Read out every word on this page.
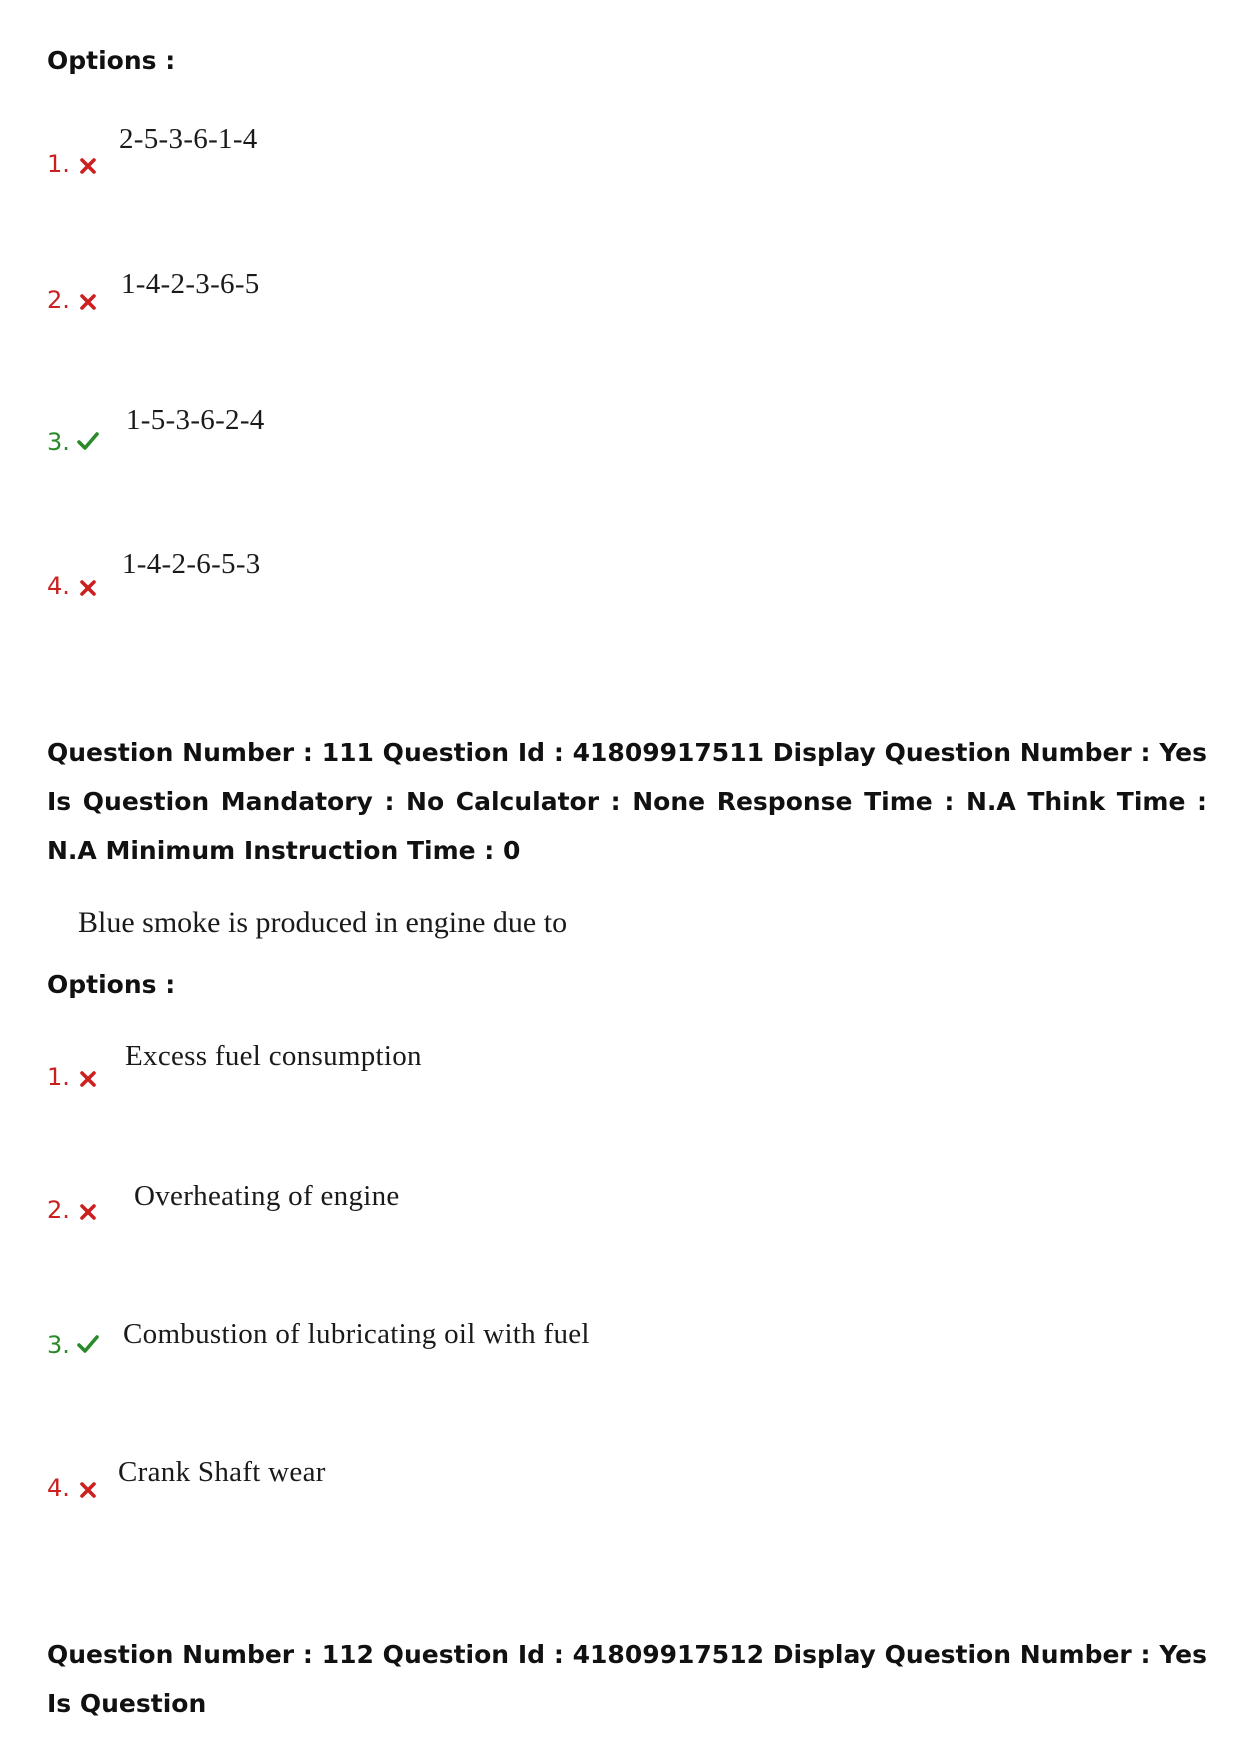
Options :
1.
2-5-3-6-1-4
2. 1-4-2-3-6-5
3.
1-5-3-6-2-4
4.
1-4-2-6-5-3
Question Number : 111 Question Id : 41809917511 Display Question Number : Yes Is Question Mandatory : No Calculator : None Response Time : N.A Think Time : N.A Minimum Instruction Time : 0
Blue smoke is produced in engine due to
Options :
1.
Excess fuel consumption
2. Overheating of engine
3. Combustion of lubricating oil with fuel
4. Crank Shaft wear
Question Number : 112 Question Id : 41809917512 Display Question Number : Yes Is Question
